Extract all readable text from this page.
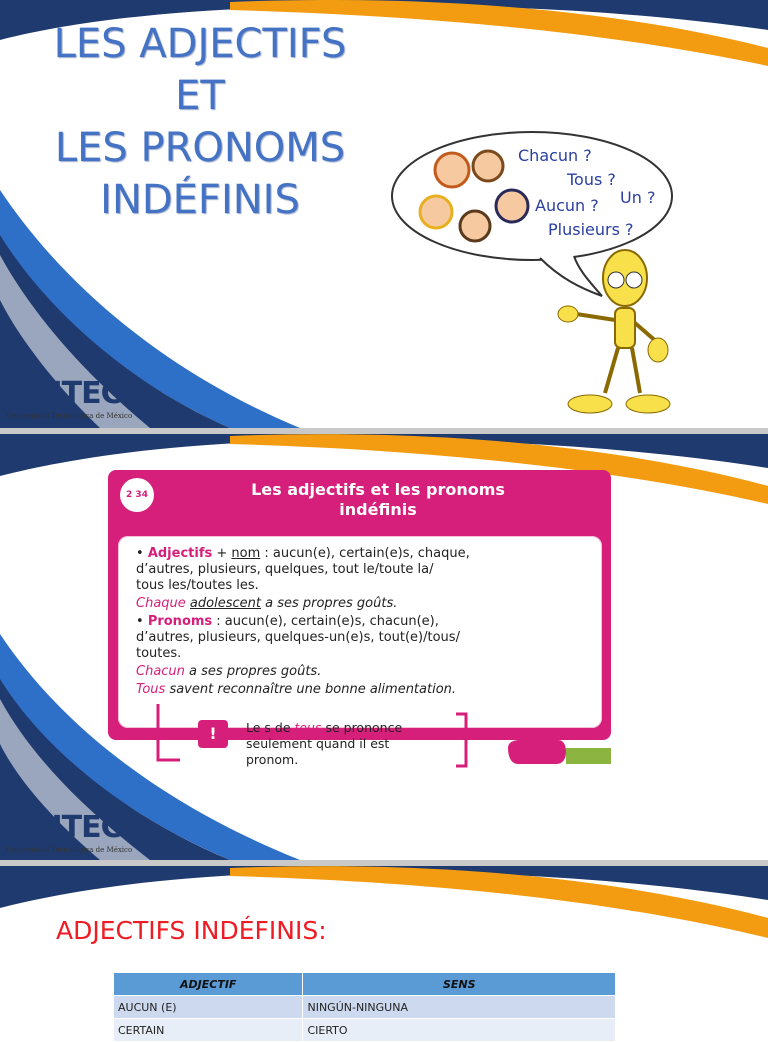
LES ADJECTIFS
ET
LES PRONOMS
INDÉFINIS
Chacun ?
Tous ?
Un ?
Aucun ?
Plusieurs ?
UNITEC
Universidad Tecnológica de México
2 34	Les adjectifs et les pronoms
indéfinis
• Adjectifs + nom : aucun(e), certain(e)s, chaque,
d’autres, plusieurs, quelques, tout le/toute la/
tous les/toutes les.
Chaque adolescent a ses propres goûts.
• Pronoms : aucun(e), certain(e)s, chacun(e),
d’autres, plusieurs, quelques-un(e)s, tout(e)/tous/
toutes.
Chacun a ses propres goûts.
Tous savent reconnaître une bonne alimentation.
!	Le s de tous se prononce
seulement quand il est
pronom.
UNITEC
Universidad Tecnológica de México
ADJECTIFS INDÉFINIS:
ADJECTIF	SENS
AUCUN (E)	NINGÚN-NINGUNA
CERTAIN	CIERTO
